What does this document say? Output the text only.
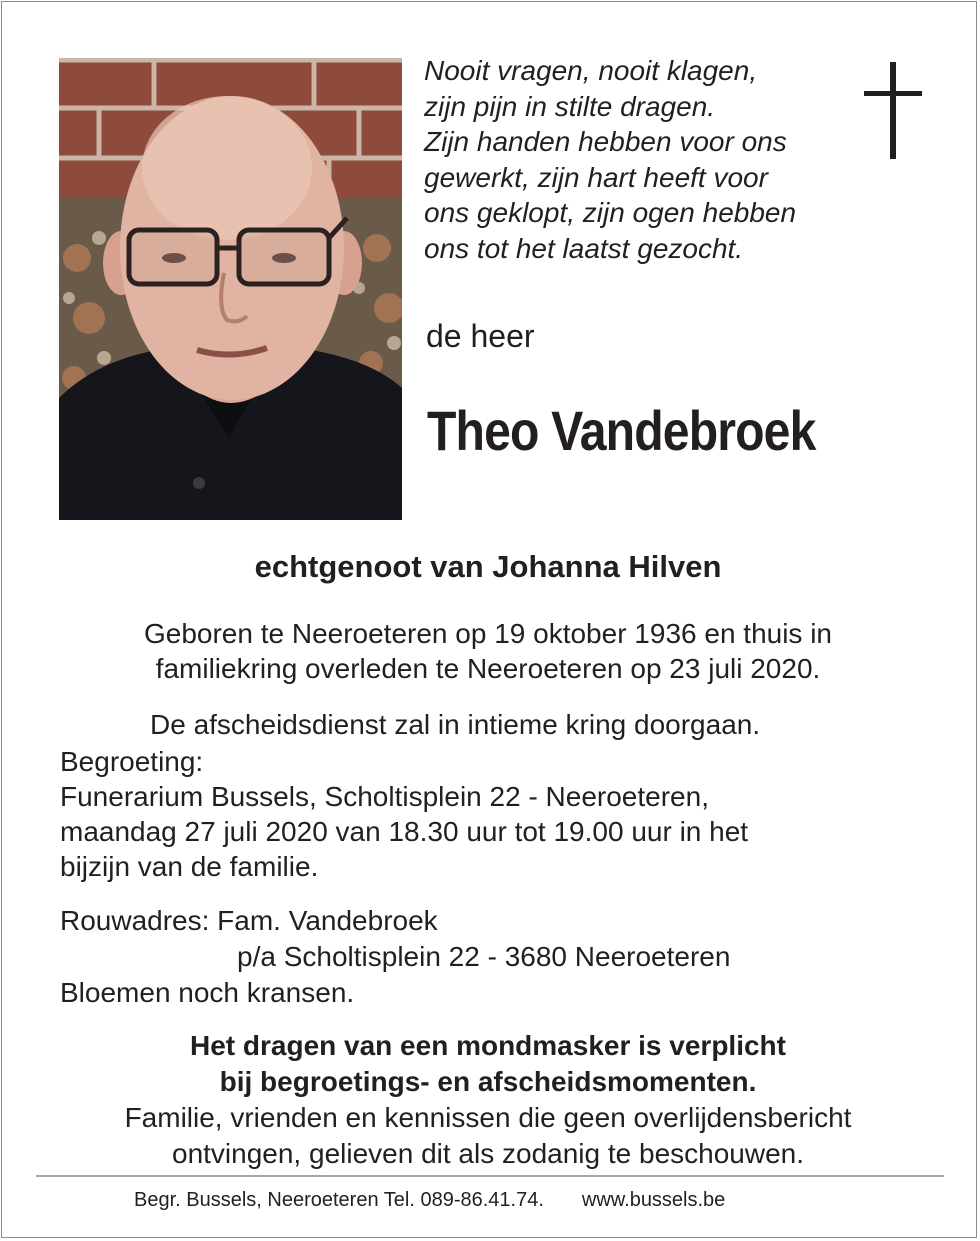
Nooit vragen, nooit klagen,
zijn pijn in stilte dragen.
Zijn handen hebben voor ons
gewerkt, zijn hart heeft voor
ons geklopt, zijn ogen hebben
ons tot het laatst gezocht.
de heer
Theo Vandebroek
echtgenoot van Johanna Hilven
Geboren te Neeroeteren op 19 oktober 1936 en thuis in
familiekring overleden te Neeroeteren op 23 juli 2020.
De afscheidsdienst zal in intieme kring doorgaan.
Begroeting:
Funerarium Bussels, Scholtisplein 22 - Neeroeteren,
maandag 27 juli 2020 van 18.30 uur tot 19.00 uur in het
bijzijn van de familie.
Rouwadres: Fam. Vandebroek
p/a Scholtisplein 22 - 3680 Neeroeteren
Bloemen noch kransen.
Het dragen van een mondmasker is verplicht
bij begroetings- en afscheidsmomenten.
Familie, vrienden en kennissen die geen overlijdensbericht
ontvingen, gelieven dit als zodanig te beschouwen.
Begr. Bussels, Neeroeteren Tel. 089-86.41.74. www.bussels.be
